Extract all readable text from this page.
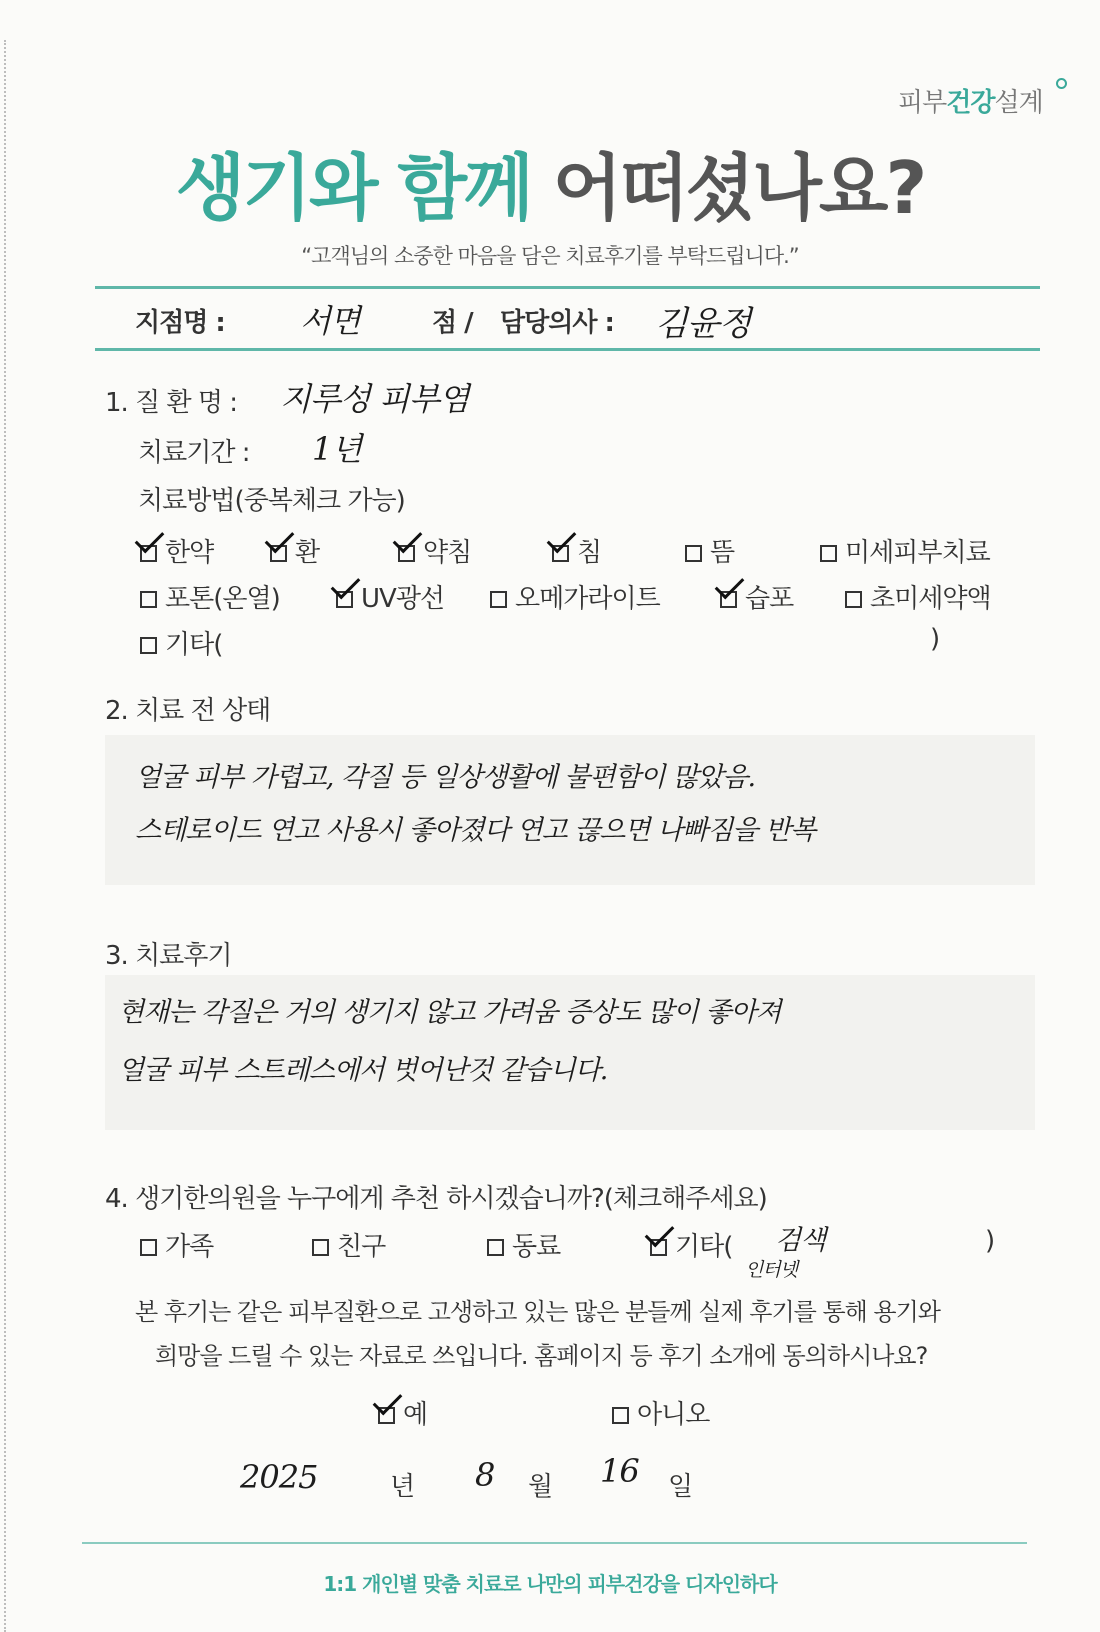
피부건강설계
생기와 함께 어떠셨나요?
“고객님의 소중한 마음을 담은 치료후기를 부탁드립니다.”
지점명 : 서면	점 / 담당의사 : 김윤정
1. 질 환 명 : 지루성 피부염
치료기간 : 1년
치료방법(중복체크 가능)
한약	환	약침	침	뜸	미세피부치료
포톤(온열)	UV광선	오메가라이트	습포	초미세약액
기타(	)
2. 치료 전 상태
얼굴 피부 가렵고, 각질 등 일상생활에 불편함이 많았음.
스테로이드 연고 사용시 좋아졌다 연고 끊으면 나빠짐을 반복
3. 치료후기
현재는 각질은 거의 생기지 않고 가려움 증상도 많이 좋아져
얼굴 피부 스트레스에서 벗어난것 같습니다.
4. 생기한의원을 누구에게 추천 하시겠습니까?(체크해주세요)
가족	친구	동료	기타( 검색
인터넷
)
본 후기는 같은 피부질환으로 고생하고 있는 많은 분들께 실제 후기를 통해 용기와
희망을 드릴 수 있는 자료로 쓰입니다. 홈페이지 등 후기 소개에 동의하시나요?
예	아니오
2025	년 8 월 16 일
1:1 개인별 맞춤 치료로 나만의 피부건강을 디자인하다
